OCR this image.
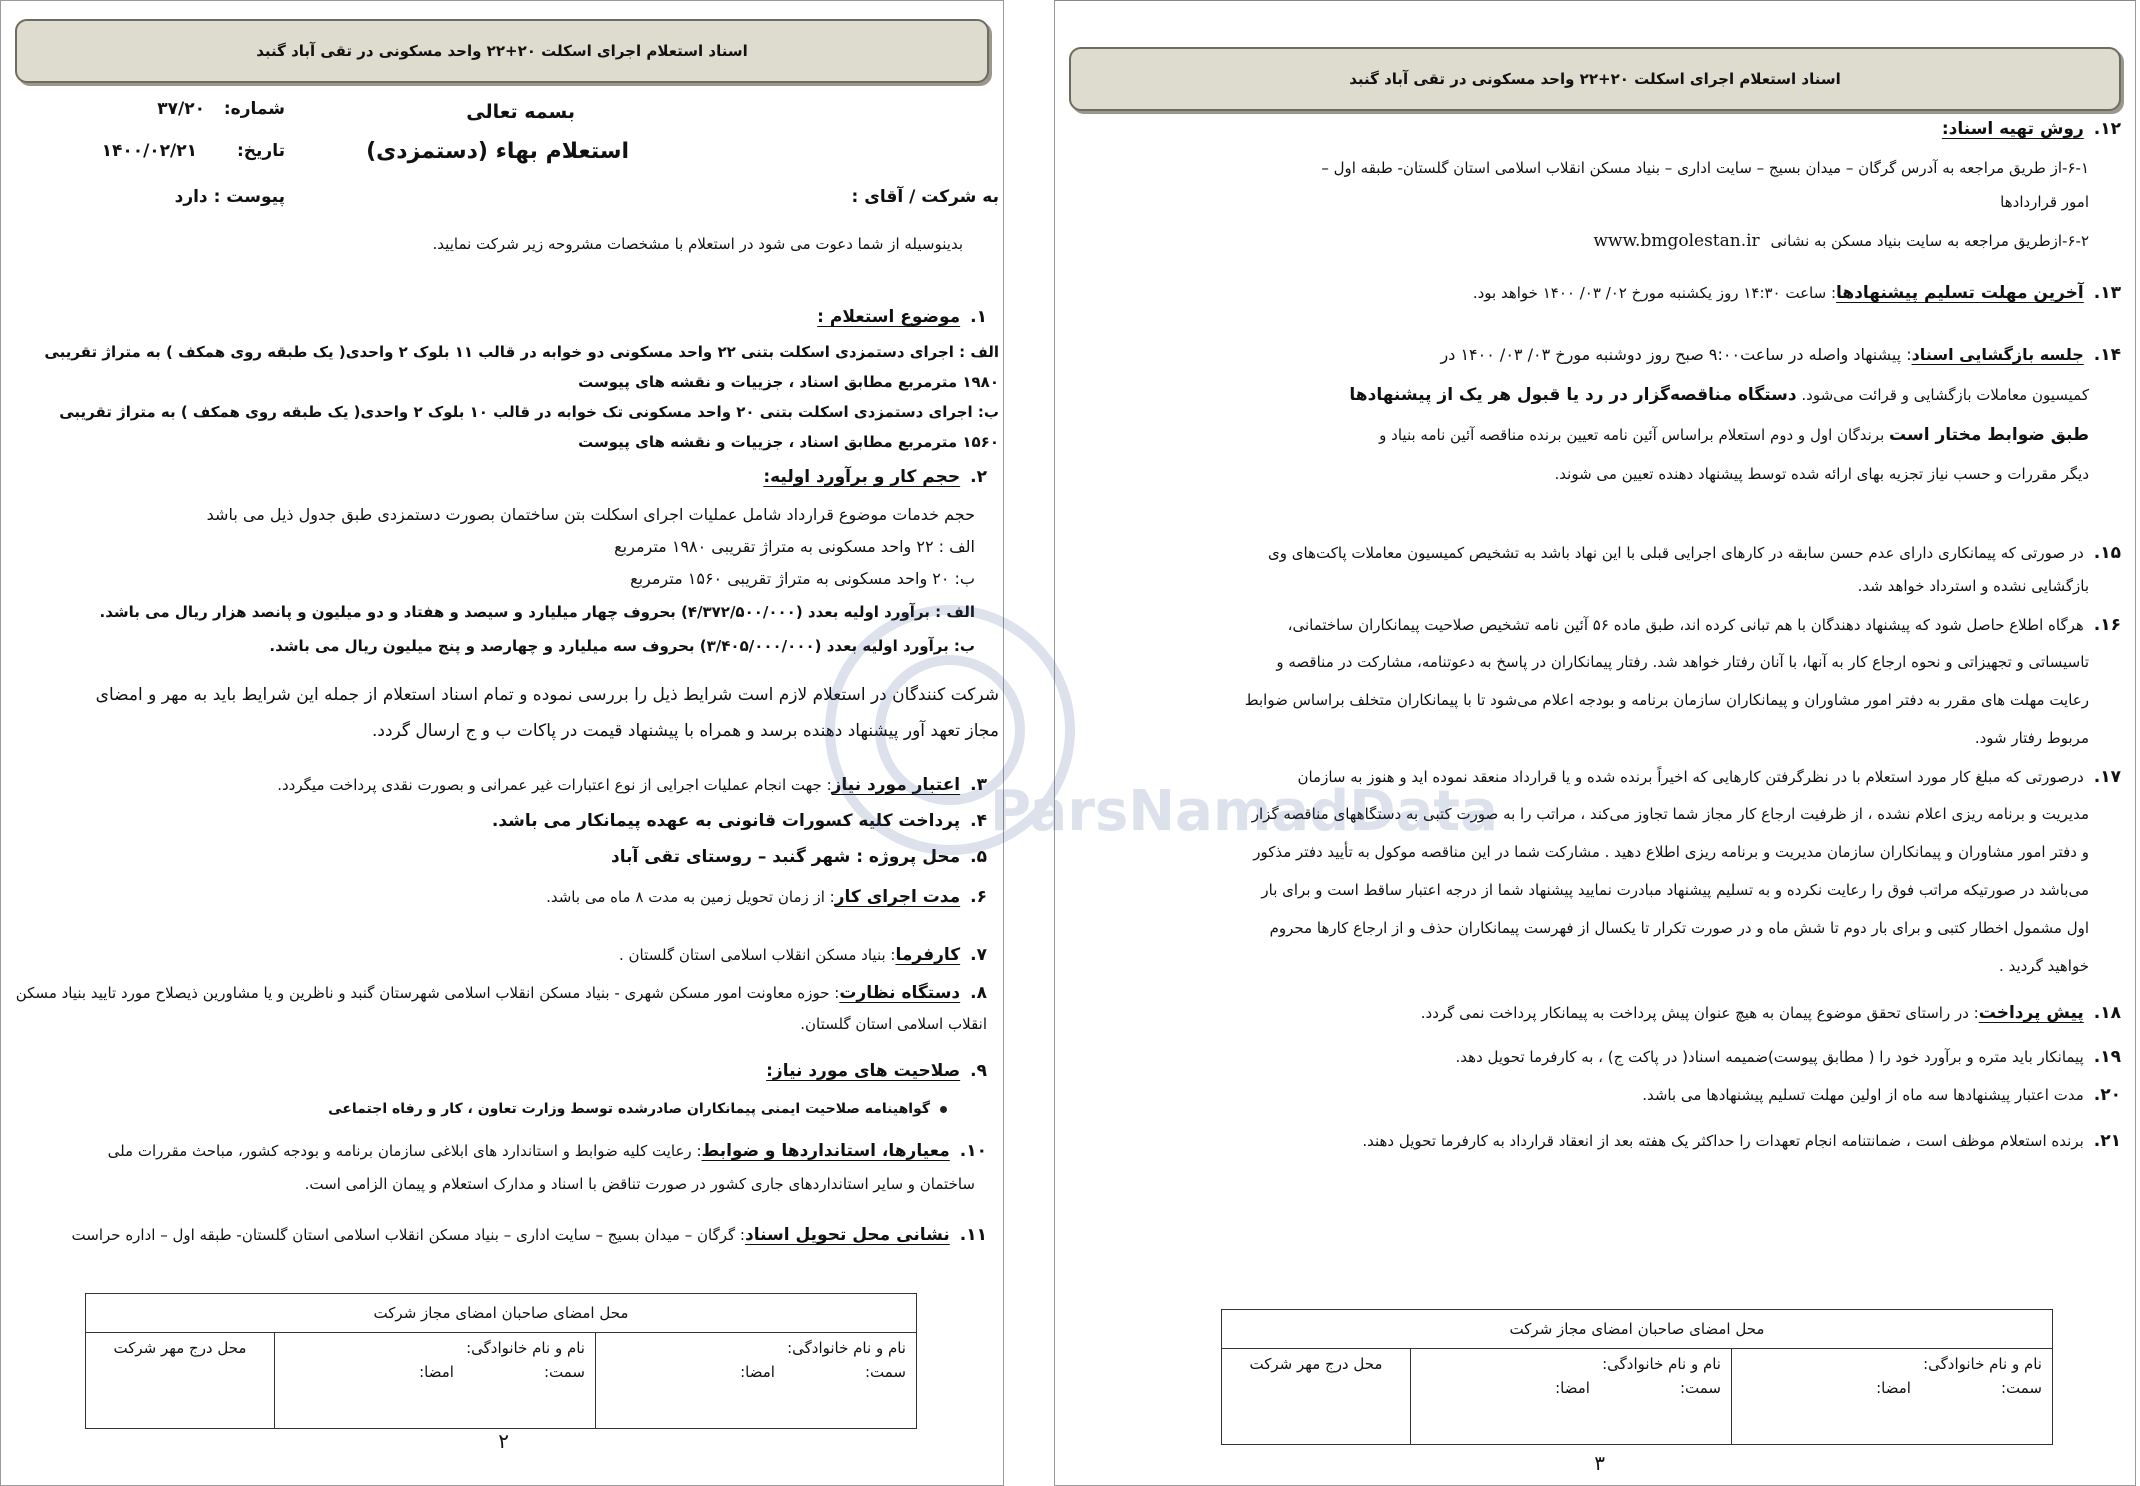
اسناد استعلام اجرای اسکلت ۲۰+۲۲ واحد مسکونی در تقی آباد گنبد
بسمه تعالی
شماره:
۳۷/۲۰
استعلام بهاء (دستمزدی)
تاریخ:
۱۴۰۰/۰۲/۲۱
به شرکت / آقای :
پیوست : دارد
بدینوسیله از شما دعوت می شود در استعلام با مشخصات مشروحه زیر شرکت نمایید.
۱.موضوع استعلام :
الف : اجرای دستمزدی اسکلت بتنی ۲۲ واحد مسکونی دو خوابه در قالب ۱۱ بلوک ۲ واحدی( یک طبقه روی همکف ) به متراژ تقریبی
۱۹۸۰ مترمربع مطابق اسناد ، جزییات و نقشه های پیوست
ب: اجرای دستمزدی اسکلت بتنی ۲۰ واحد مسکونی تک خوابه در قالب ۱۰ بلوک ۲ واحدی( یک طبقه روی همکف ) به متراژ تقریبی
۱۵۶۰ مترمربع مطابق اسناد ، جزییات و نقشه های پیوست
۲.حجم کار و برآورد اولیه:
حجم خدمات موضوع قرارداد شامل عملیات اجرای اسکلت بتن ساختمان بصورت دستمزدی طبق جدول ذیل می باشد
الف : ۲۲ واحد مسکونی به متراژ تقریبی ۱۹۸۰ مترمربع
ب: ۲۰ واحد مسکونی به متراژ تقریبی ۱۵۶۰ مترمربع
الف : برآورد اولیه بعدد (۴/۳۷۲/۵۰۰/۰۰۰) بحروف چهار میلیارد و سیصد و هفتاد و دو میلیون و پانصد هزار ریال می باشد.
ب: برآورد اولیه بعدد (۳/۴۰۵/۰۰۰/۰۰۰) بحروف سه میلیارد و چهارصد و پنج میلیون ریال می باشد.
شرکت کنندگان در استعلام لازم است شرایط ذیل را بررسی نموده و تمام اسناد استعلام از جمله این شرایط باید به مهر و امضای
مجاز تعهد آور پیشنهاد دهنده برسد و همراه با پیشنهاد قیمت در پاکات ب و ج ارسال گردد.
۳.اعتبار مورد نیاز: جهت انجام عملیات اجرایی از نوع اعتبارات غیر عمرانی و بصورت نقدی پرداخت میگردد.
۴.پرداخت کلیه کسورات قانونی به عهده پیمانکار می باشد.
۵.محل پروژه : شهر گنبد – روستای تقی آباد
۶.مدت اجرای کار: از زمان تحویل زمین به مدت ۸ ماه می باشد.
۷.کارفرما: بنیاد مسکن انقلاب اسلامی استان گلستان .
۸.دستگاه نظارت: حوزه معاونت امور مسکن شهری - بنیاد مسکن انقلاب اسلامی شهرستان گنبد و ناظرین و یا مشاورین ذیصلاح مورد تایید بنیاد مسکن
انقلاب اسلامی استان گلستان.
۹.صلاحیت های مورد نیاز:
گواهینامه صلاحیت ایمنی پیمانکاران صادرشده توسط وزارت تعاون ، کار و رفاه اجتماعی
۱۰.معیارها، استانداردها و ضوابط: رعایت کلیه ضوابط و استاندارد های ابلاغی سازمان برنامه و بودجه کشور، مباحث مقررات ملی
ساختمان و سایر استانداردهای جاری کشور در صورت تناقض با اسناد و مدارک استعلام و پیمان الزامی است.
۱۱.نشانی محل تحویل اسناد: گرگان – میدان بسیج – سایت اداری – بنیاد مسکن انقلاب اسلامی استان گلستان- طبقه اول – اداره حراست
محل امضای صاحبان امضای مجاز شرکت

نام و نام خانوادگی:
سمت:
امضا:

نام و نام خانوادگی:
سمت:
امضا:
	محل درج مهر شرکت
۲
اسناد استعلام اجرای اسکلت ۲۰+۲۲ واحد مسکونی در تقی آباد گنبد
۱۲.روش تهیه اسناد:
۶-۱-از طریق مراجعه به آدرس گرگان – میدان بسیج – سایت اداری – بنیاد مسکن انقلاب اسلامی استان گلستان- طبقه اول –
امور قراردادها
۶-۲-ازطریق مراجعه به سایت بنیاد مسکن به نشانی www.bmgolestan.ir
۱۳.آخرین مهلت تسلیم پیشنهادها: ساعت ۱۴:۳۰ روز یکشنبه مورخ ۰۲/ ۰۳/ ۱۴۰۰ خواهد بود.
۱۴.جلسه بازگشایی اسناد: پیشنهاد واصله در ساعت۹:۰۰ صبح روز دوشنبه مورخ ۰۳/ ۰۳/ ۱۴۰۰ در
کمیسیون معاملات بازگشایی و قرائت می‌شود. دستگاه مناقصه‌گزار در رد یا قبول هر یک از پیشنهادها
طبق ضوابط مختار است برندگان اول و دوم استعلام براساس آئین نامه تعیین برنده مناقصه آئین نامه بنیاد و
دیگر مقررات و حسب نیاز تجزیه بهای ارائه شده توسط پیشنهاد دهنده تعیین می شوند.
۱۵.در صورتی که پیمانکاری دارای عدم حسن سابقه در کارهای اجرایی قبلی با این نهاد باشد به تشخیص کمیسیون معاملات پاکت‌های وی
بازگشایی نشده و استرداد خواهد شد.
۱۶.هرگاه اطلاع حاصل شود که پیشنهاد دهندگان با هم تبانی کرده اند، طبق ماده ۵۶ آئین نامه تشخیص صلاحیت پیمانکاران ساختمانی،
تاسیساتی و تجهیزاتی و نحوه ارجاع کار به آنها، با آنان رفتار خواهد شد. رفتار پیمانکاران در پاسخ به دعوتنامه، مشارکت در مناقصه و
رعایت مهلت های مقرر به دفتر امور مشاوران و پیمانکاران سازمان برنامه و بودجه اعلام می‌شود تا با پیمانکاران متخلف براساس ضوابط
مربوط رفتار شود.
۱۷.درصورتی که مبلغ کار مورد استعلام با در نظرگرفتن کارهایی که اخیراً برنده شده و یا قرارداد منعقد نموده اید و هنوز به سازمان
مدیریت و برنامه ریزی اعلام نشده ، از ظرفیت ارجاع کار مجاز شما تجاوز می‌کند ، مراتب را به صورت کتبی به دستگاههای مناقصه گزار
و دفتر امور مشاوران و پیمانکاران سازمان مدیریت و برنامه ریزی اطلاع دهید . مشارکت شما در این مناقصه موکول به تأیید دفتر مذکور
می‌باشد در صورتیکه مراتب فوق را رعایت نکرده و به تسلیم پیشنهاد مبادرت نمایید پیشنهاد شما از درجه اعتبار ساقط است و برای بار
اول مشمول اخطار کتبی و برای بار دوم تا شش ماه و در صورت تکرار تا یکسال از فهرست پیمانکاران حذف و از ارجاع کارها محروم
خواهید گردید .
۱۸.پیش پرداخت: در راستای تحقق موضوع پیمان به هیچ عنوان پیش پرداخت به پیمانکار پرداخت نمی گردد.
۱۹.پیمانکار باید متره و برآورد خود را ( مطابق پیوست)ضمیمه اسناد( در پاکت ج) ، به کارفرما تحویل دهد.
۲۰.مدت اعتبار پیشنهادها سه ماه از اولین مهلت تسلیم پیشنهادها می باشد.
۲۱.برنده استعلام موظف است ، ضمانتنامه انجام تعهدات را حداکثر یک هفته بعد از انعقاد قرارداد به کارفرما تحویل دهند.
محل امضای صاحبان امضای مجاز شرکت

نام و نام خانوادگی:
سمت:
امضا:

نام و نام خانوادگی:
سمت:
امضا:
	محل درج مهر شرکت
۳
